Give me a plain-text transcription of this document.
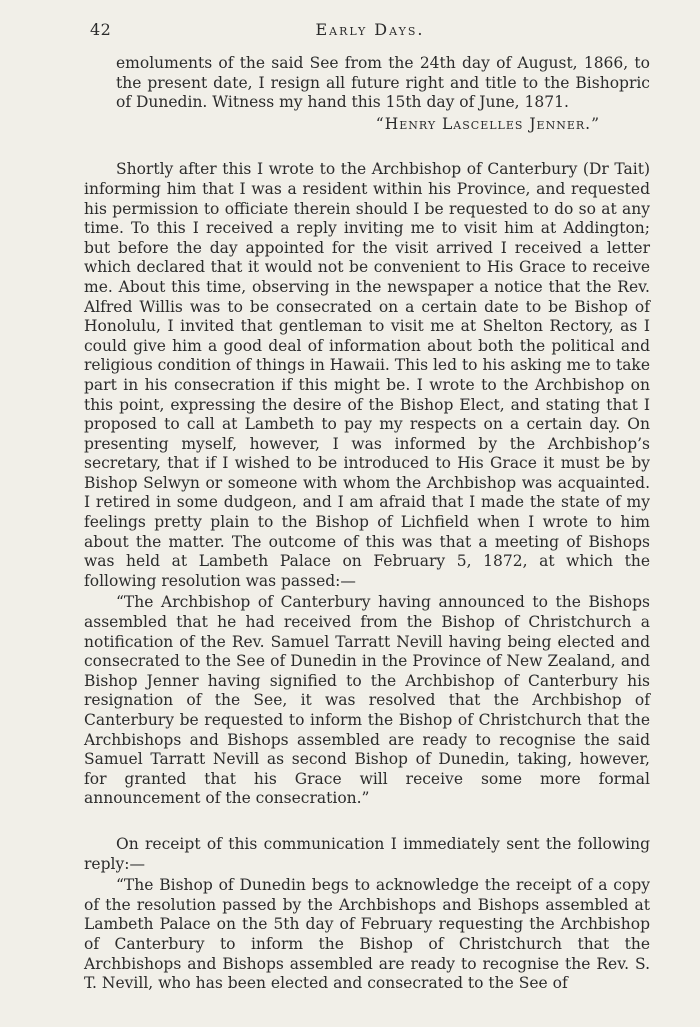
42	Early Days.

emoluments of the said See from the 24th day of August, 1866, to the present date, I resign all future right and title to the Bishopric of Dunedin. Witness my hand this 15th day of June, 1871.

“Henry Lascelles Jenner.”

Shortly after this I wrote to the Archbishop of Canterbury (Dr Tait) informing him that I was a resident within his Province, and requested his permission to officiate therein should I be requested to do so at any time. To this I received a reply inviting me to visit him at Addington; but before the day appointed for the visit arrived I received a letter which declared that it would not be convenient to His Grace to receive me. About this time, observing in the newspaper a notice that the Rev. Alfred Willis was to be consecrated on a certain date to be Bishop of Honolulu, I invited that gentleman to visit me at Shelton Rectory, as I could give him a good deal of information about both the political and religious condition of things in Hawaii. This led to his asking me to take part in his consecration if this might be. I wrote to the Archbishop on this point, expressing the desire of the Bishop Elect, and stating that I proposed to call at Lambeth to pay my respects on a certain day. On presenting myself, however, I was informed by the Archbishop’s secretary, that if I wished to be introduced to His Grace it must be by Bishop Selwyn or someone with whom the Archbishop was acquainted. I retired in some dudgeon, and I am afraid that I made the state of my feelings pretty plain to the Bishop of Lichfield when I wrote to him about the matter. The outcome of this was that a meeting of Bishops was held at Lambeth Palace on February 5, 1872, at which the following resolution was passed:—

“The Archbishop of Canterbury having announced to the Bishops assembled that he had received from the Bishop of Christchurch a notification of the Rev. Samuel Tarratt Nevill having being elected and consecrated to the See of Dunedin in the Province of New Zealand, and Bishop Jenner having signified to the Archbishop of Canterbury his resignation of the See, it was resolved that the Archbishop of Canterbury be requested to inform the Bishop of Christchurch that the Archbishops and Bishops assembled are ready to recognise the said Samuel Tarratt Nevill as second Bishop of Dunedin, taking, however, for granted that his Grace will receive some more formal announcement of the consecration.”

On receipt of this communication I immediately sent the following reply:—

“The Bishop of Dunedin begs to acknowledge the receipt of a copy of the resolution passed by the Archbishops and Bishops assembled at Lambeth Palace on the 5th day of February requesting the Archbishop of Canterbury to inform the Bishop of Christchurch that the Archbishops and Bishops assembled are ready to recognise the Rev. S. T. Nevill, who has been elected and consecrated to the See of
